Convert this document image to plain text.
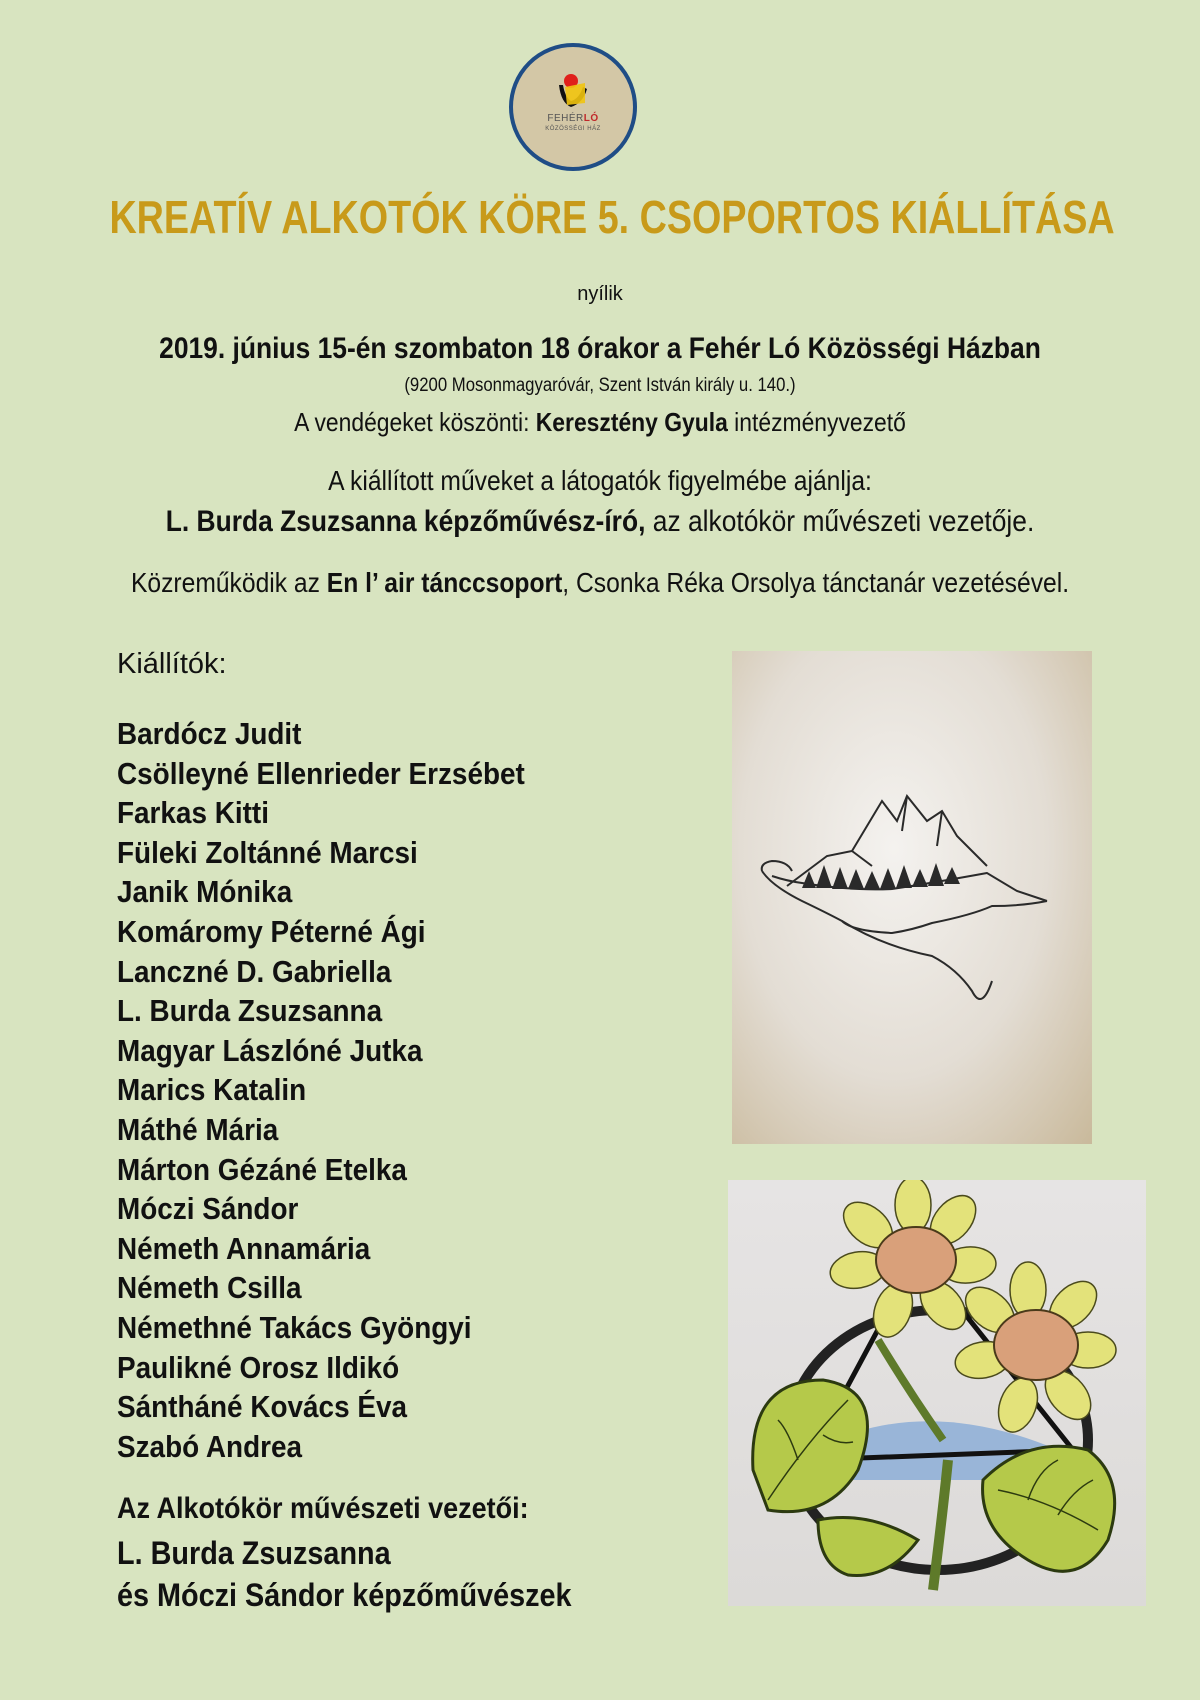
FEHÉRLÓ
KÖZÖSSÉGI HÁZ
KREATÍV ALKOTÓK KÖRE 5. CSOPORTOS KIÁLLÍTÁSA
nyílik
2019. június 15-én szombaton 18 órakor a Fehér Ló Közösségi Házban
(9200 Mosonmagyaróvár, Szent István király u. 140.)
A vendégeket köszönti: Keresztény Gyula intézményvezető
A kiállított műveket a látogatók figyelmébe ajánlja:
L. Burda Zsuzsanna képzőművész-író, az alkotókör művészeti vezetője.
Közreműködik az En l’ air tánccsoport, Csonka Réka Orsolya tánctanár vezetésével.
Kiállítók:
Bardócz Judit
Csölleyné Ellenrieder Erzsébet
Farkas Kitti
Füleki Zoltánné Marcsi
Janik Mónika
Komáromy Péterné Ági
Lanczné D. Gabriella
L. Burda Zsuzsanna
Magyar Lászlóné Jutka
Marics Katalin
Máthé Mária
Márton Gézáné Etelka
Móczi Sándor
Németh Annamária
Németh Csilla
Némethné Takács Gyöngyi
Paulikné Orosz Ildikó
Sántháné Kovács Éva
Szabó Andrea
Az Alkotókör művészeti vezetői:
L. Burda Zsuzsanna
és Móczi Sándor képzőművészek
